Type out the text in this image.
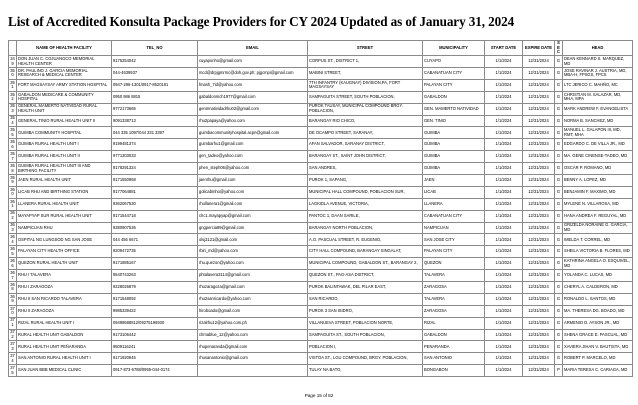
List of Accredited Konsulta Package Providers for CY 2024 Updated as of January 31, 2024
	NAME OF HEALTH FACILITY	TEL_NO	EMAIL	STREET	MUNICIPALITY	START DATE	EXPIRE DATE	SEC	HEAD
349	DON JUAN C. COJUANGCO MEMORIAL HEALTH CENTER	9175254042	cuyaponho@gmail.com	CORPUS ST., DISTRICT 1,	CUYAPO	1/1/2024	12/31/2024	G	DEAN KENNARD S. MARQUEZ, MD
350	DR. PAULINO J. GARCIA MEMORIAL RESEARCH & MEDICAL CENTER	044-4639937	mcd@drpjgmrmc@doh.gov.ph; pjgcmpi@gmail.com	MABINI STREET,	CABANATUAN CITY	1/1/2024	12/31/2024	G	JOSE RAVINAR J. AUSTRIA, MD, MBA-H, FPSGS, FPCS
351	FORT MAGSAYSAY ARMY STATION HOSPITAL	0947-296-1301/0917-8520181	fmash_7id@yahoo.com	7TH INFANTRY (KAUGNAY) DIVISION,PA, FORT MAGSAYSAY	PALAYAN CITY	1/1/2024	12/31/2024	G	LTC JERICO C. MAHÑO, MC
352	GABALDON MEDICARE & COMMUNITY HOSPITAL	0950 986 8815	gabaldonmch1977@gmail.com	SAMPAGUITA STREET, SOUTH POBLACION,	GABALDON	1/1/2024	12/31/2024	G	CHRISTIAN M. SALAZAR, MD, MHA, MPA
353	GENERAL MAMERTO NATIVIDAD RURAL HEALTH UNIT	9772173665	genmnatividadrhu02@gmail.com	PUROK TAUSAY, MUNICIPAL COMPOUND BRGY. POBLACION,	GEN. MAMERTO NATIVIDAD	1/1/2024	12/31/2024	G	MARK ANDREW F. EVANGELISTA
354	GENERAL TINIO RURAL HEALTH UNIT II	9091338713	rhu2papaya@yahoo.com	BARANGAY RIO CHICO,	GEN. TINIO	1/1/2024	12/31/2024	G	NORMA B. SANCHEZ, MD
355	GUIMBA COMMUNITY HOSPITAL	044 335 1097/044 331 3397	guimbacommunityhospital.acpn@gmail.com	DE OCAMPO STREET, SARANAY,	GUIMBA	1/1/2024	12/31/2024	G	MANUEL L. GALAPON III, MD, RMT, MHA
356	GUIMBA RURAL HEALTH UNIT I	9199481374	guimbarhu1@gmail.com	AFAN SALVADOR, SARANAY DISTRICT,	GUIMBA	1/1/2024	12/31/2024	G	EDGARDO C. DE VILLA JR., MD
357	GUIMBA RURAL HEALTH UNIT II	9771303033	gen_tadeo@yahoo.com	BARANGAY ST., SAINT JOHN DISTRICT,	GUIMBA	1/1/2024	12/31/2024	G	MA. GENE CINENSE-TADEO, MD
358	GUIMBA RURAL HEALTH UNIT III AND BIRTHING FACILITY	9178291324	phen_steph06@yahoo.com	SAN ANDRES,	GUIMBA	1/1/2024	12/31/2024	G	OSCAR P. ROMANO, MD
359	JAEN RURAL HEALTH UNIT	9171550968	jaenrhu@gmail.com	PUROK 1, SAPANG,	JAEN	1/1/2024	12/31/2024	G	BENNY A. LOPEZ, MD
360	LICAB RHU AND BIRTHING STATION	9177064881	golicabmho@yahoo.com	MUNICIPAL HALL COMPOUND, POBLACION SUR,	LICAB	1/1/2024	12/31/2024	G	BENJAMIN F. MAXIMO, MD
361	LLANERA RURAL HEALTH UNIT	9362067530	rhullanera1@gmail.com	LAGKIDLA AVENUE, VICTORIA,	LLANERA	1/1/2024	12/31/2024	G	MYLENE N. VILLAROSA, MD
362	MAYAPYAP SUR RURAL HEALTH UNIT	9171544718	chc1.mayapyap@gmail.com	PANTOC 1, DAAN SARILE,	CABANATUAN CITY	1/1/2024	12/31/2024	G	HANA ANDREA F. REGUYAL, MD
363	NAMPICUAN RHU	9380907536	gngpercia89@gmail.com	BARANGAY NORTH POBLACION,	NAMPICUAN	1/1/2024	12/31/2024	G	GRIZELDA NORAINE G. GARCIA, MD
364	OSPITAL NG LUNGSOD NG SAN JOSE	044 456 6671	olsj3121@gmail.com	A.O. PASCUAL STREET, R. EUGENIO,	SAN JOSE CITY	1/1/2024	12/31/2024	G	IMELDA T. CORREL, MD
365	PALAYAN CITY HEALTH OFFICE	9209472735	rbiri_md@yahoo.com	CITY HALL COMPOUND, BARANGAY SINGALAT,	PALAYAN CITY	1/1/2024	12/31/2024	G	SHEILA VICTORIA B. FLORES, MD
366	QUEZON RURAL HEALTH UNIT	9171885167	rhu.quezon@yahoo.com	MUNICIPAL COMPOUND, GABALDON ST., BARANGAY 2,	QUEZON	1/1/2024	12/31/2024	G	KATHRINA ANGELA O. ESQUIVEL, MD
367	RHU I TALAVERA	9540743263	phtalavera3114@gmail.com	QUEZON ST., PAG-ASA DISTRICT,	TALAVERA	1/1/2024	12/31/2024	G	YOLANDA C. LUCAS, MD
368	RHU I ZARAGOZA	9228026879	rhuzaragoza@gmail.com	PUROK BALINTAWAK, DEL PILAR EAST,	ZARAGOSA	1/1/2024	12/31/2024	G	CHERYL A. CALDERON, MD
369	RHU II SAN RICARDO TALAVERA	9171548092	rhu2sanricardo@yahoo.com	SAN RICARDO,	TALAVERA	1/1/2024	12/31/2024	G	RONALDO L. SANTOS, MD
370	RHU II ZARAGOZA	9985339422	hiroboado@gmail.com	PUROK 3 SAN ISIDRO,	ZARAGOSA	1/1/2024	12/31/2024	G	MA. THERESA DG. BOADO, MD
371	RIZAL RURAL HEALTH UNIT I	09498688812/09275196930	rizalrhu12@yahoo.com.ph	VILLANUEVA STREET, POBLACION NORTE,	RIZAL	1/1/2024	12/31/2024	G	ARMENIO D. AYSON JR., MD
372	RURAL HEALTH UNIT GABALDON	9173106442	chmablue_12@yahoo.com	SAMPAGUITA ST., SOUTH POBLACION,	GABALDON	1/1/2024	12/31/2024	G	SHENA GRACE E. PASCUAL, MD
373	RURAL HEALTH UNIT PEÑARANDA	9509116241	rhupenaranda@gmail.com	POBLACION I,	PENARANDA	1/1/2024	12/31/2024	G	XAVIERA JIHAN V. BAUTISTA, MD
374	SAN ANTONIO RURAL HEALTH UNIT I	9171920945	rhusanantonio@gmail.com	VISTOA ST., LGU COMPOUND, BRGY. POBLACION,	SAN ANTONIO	1/1/2024	12/31/2024	G	ROBERT P. MARCELO, MD
375	SAN JUAN BBB MEDICAL CLINIC	0917-873-6788/0955-044-0174		TULAY NA BATO,	BONGABON	1/1/2024	12/31/2024	P	MARIA TERESA C. CARIAGA, MD
Page 15 of 82
